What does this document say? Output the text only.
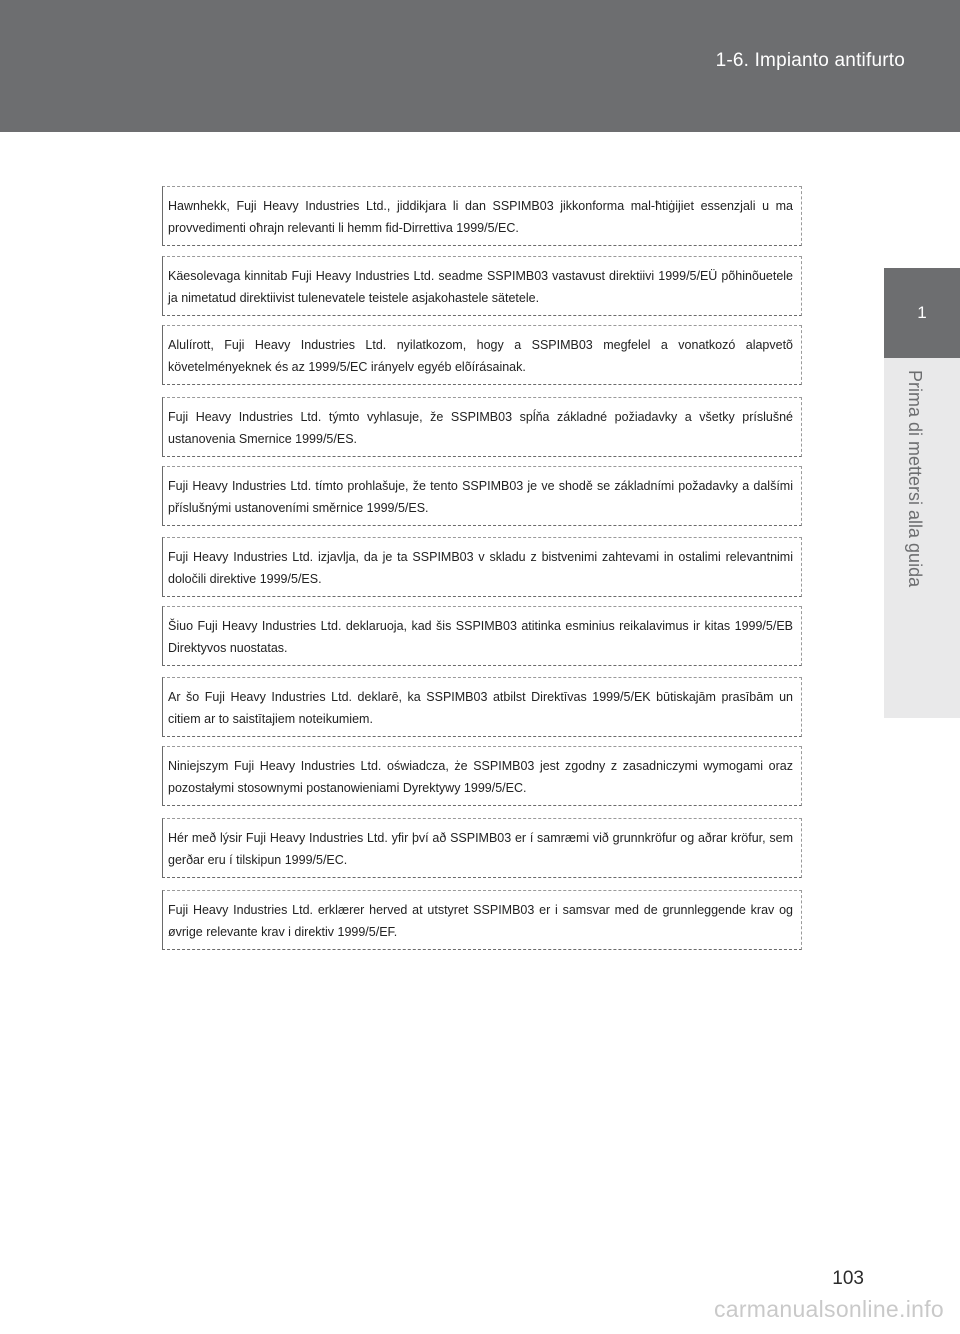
1-6. Impianto antifurto
1
Prima di mettersi alla guida
Hawnhekk, Fuji Heavy Industries Ltd., jiddikjara li dan SSPIMB03 jikkonforma mal-ħtiġijiet essenzjali u ma provvedimenti oħrajn relevanti li hemm fid-Dirrettiva 1999/5/EC.
Käesolevaga kinnitab Fuji Heavy Industries Ltd. seadme SSPIMB03 vastavust direktiivi 1999/5/EÜ põhinõuetele ja nimetatud direktiivist tulenevatele teistele asjakohastele sätetele.
Alulírott, Fuji Heavy Industries Ltd. nyilatkozom, hogy a SSPIMB03 megfelel a vonatkozó alapvetõ követelményeknek és az 1999/5/EC irányelv egyéb elõírásainak.
Fuji Heavy Industries Ltd. týmto vyhlasuje, že SSPIMB03 spĺňa základné požiadavky a všetky príslušné ustanovenia Smernice 1999/5/ES.
Fuji Heavy Industries Ltd. tímto prohlašuje, že tento SSPIMB03 je ve shodě se základními požadavky a dalšími příslušnými ustanoveními směrnice 1999/5/ES.
Fuji Heavy Industries Ltd. izjavlja, da je ta SSPIMB03 v skladu z bistvenimi zahtevami in ostalimi relevantnimi določili direktive 1999/5/ES.
Šiuo Fuji Heavy Industries Ltd. deklaruoja, kad šis SSPIMB03 atitinka esminius reikalavimus ir kitas 1999/5/EB Direktyvos nuostatas.
Ar šo Fuji Heavy Industries Ltd. deklarē, ka SSPIMB03 atbilst Direktīvas 1999/5/EK būtiskajām prasībām un citiem ar to saistītajiem noteikumiem.
Niniejszym Fuji Heavy Industries Ltd. oświadcza, że SSPIMB03 jest zgodny z zasadniczymi wymogami oraz pozostałymi stosownymi postanowieniami Dyrektywy 1999/5/EC.
Hér með lýsir Fuji Heavy Industries Ltd. yfir því að SSPIMB03 er í samræmi við grunnkröfur og aðrar kröfur, sem gerðar eru í tilskipun 1999/5/EC.
Fuji Heavy Industries Ltd. erklærer herved at utstyret SSPIMB03 er i samsvar med de grunnleggende krav og øvrige relevante krav i direktiv 1999/5/EF.
103
carmanualsonline.info
